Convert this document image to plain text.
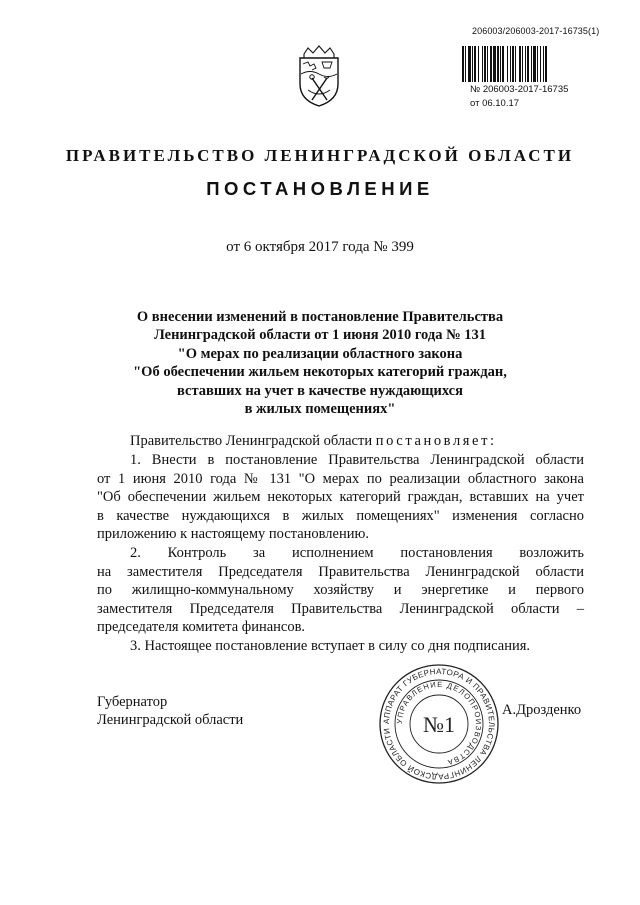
206003/206003-2017-16735(1)
№ 206003-2017-16735
от 06.10.17
ПРАВИТЕЛЬСТВО ЛЕНИНГРАДСКОЙ ОБЛАСТИ
ПОСТАНОВЛЕНИЕ
от 6 октября 2017 года № 399
О внесении изменений в постановление Правительства
Ленинградской области от 1 июня 2010 года № 131
"О мерах по реализации областного закона
"Об обеспечении жильем некоторых категорий граждан,
вставших на учет в качестве нуждающихся
в жилых помещениях"
Правительство Ленинградской области постановляет:
1. Внести в постановление Правительства Ленинградской области
от 1 июня 2010 года № 131 "О мерах по реализации областного закона
"Об обеспечении жильем некоторых категорий граждан, вставших на учет
в качестве нуждающихся в жилых помещениях" изменения согласно
приложению к настоящему постановлению.
2. Контроль за исполнением постановления возложить
на заместителя Председателя Правительства Ленинградской области
по жилищно-коммунальному хозяйству и энергетике и первого
заместителя Председателя Правительства Ленинградской области –
председателя комитета финансов.
3. Настоящее постановление вступает в силу со дня подписания.
Губернатор
Ленинградской области	АППАРАТ ГУБЕРНАТОРА И ПРАВИТЕЛЬСТВА ЛЕНИНГРАДСКОЙ ОБЛАСТИ
УПРАВЛЕНИЕ ДЕЛОПРОИЗВОДСТВА
№1
А.Дрозденко
